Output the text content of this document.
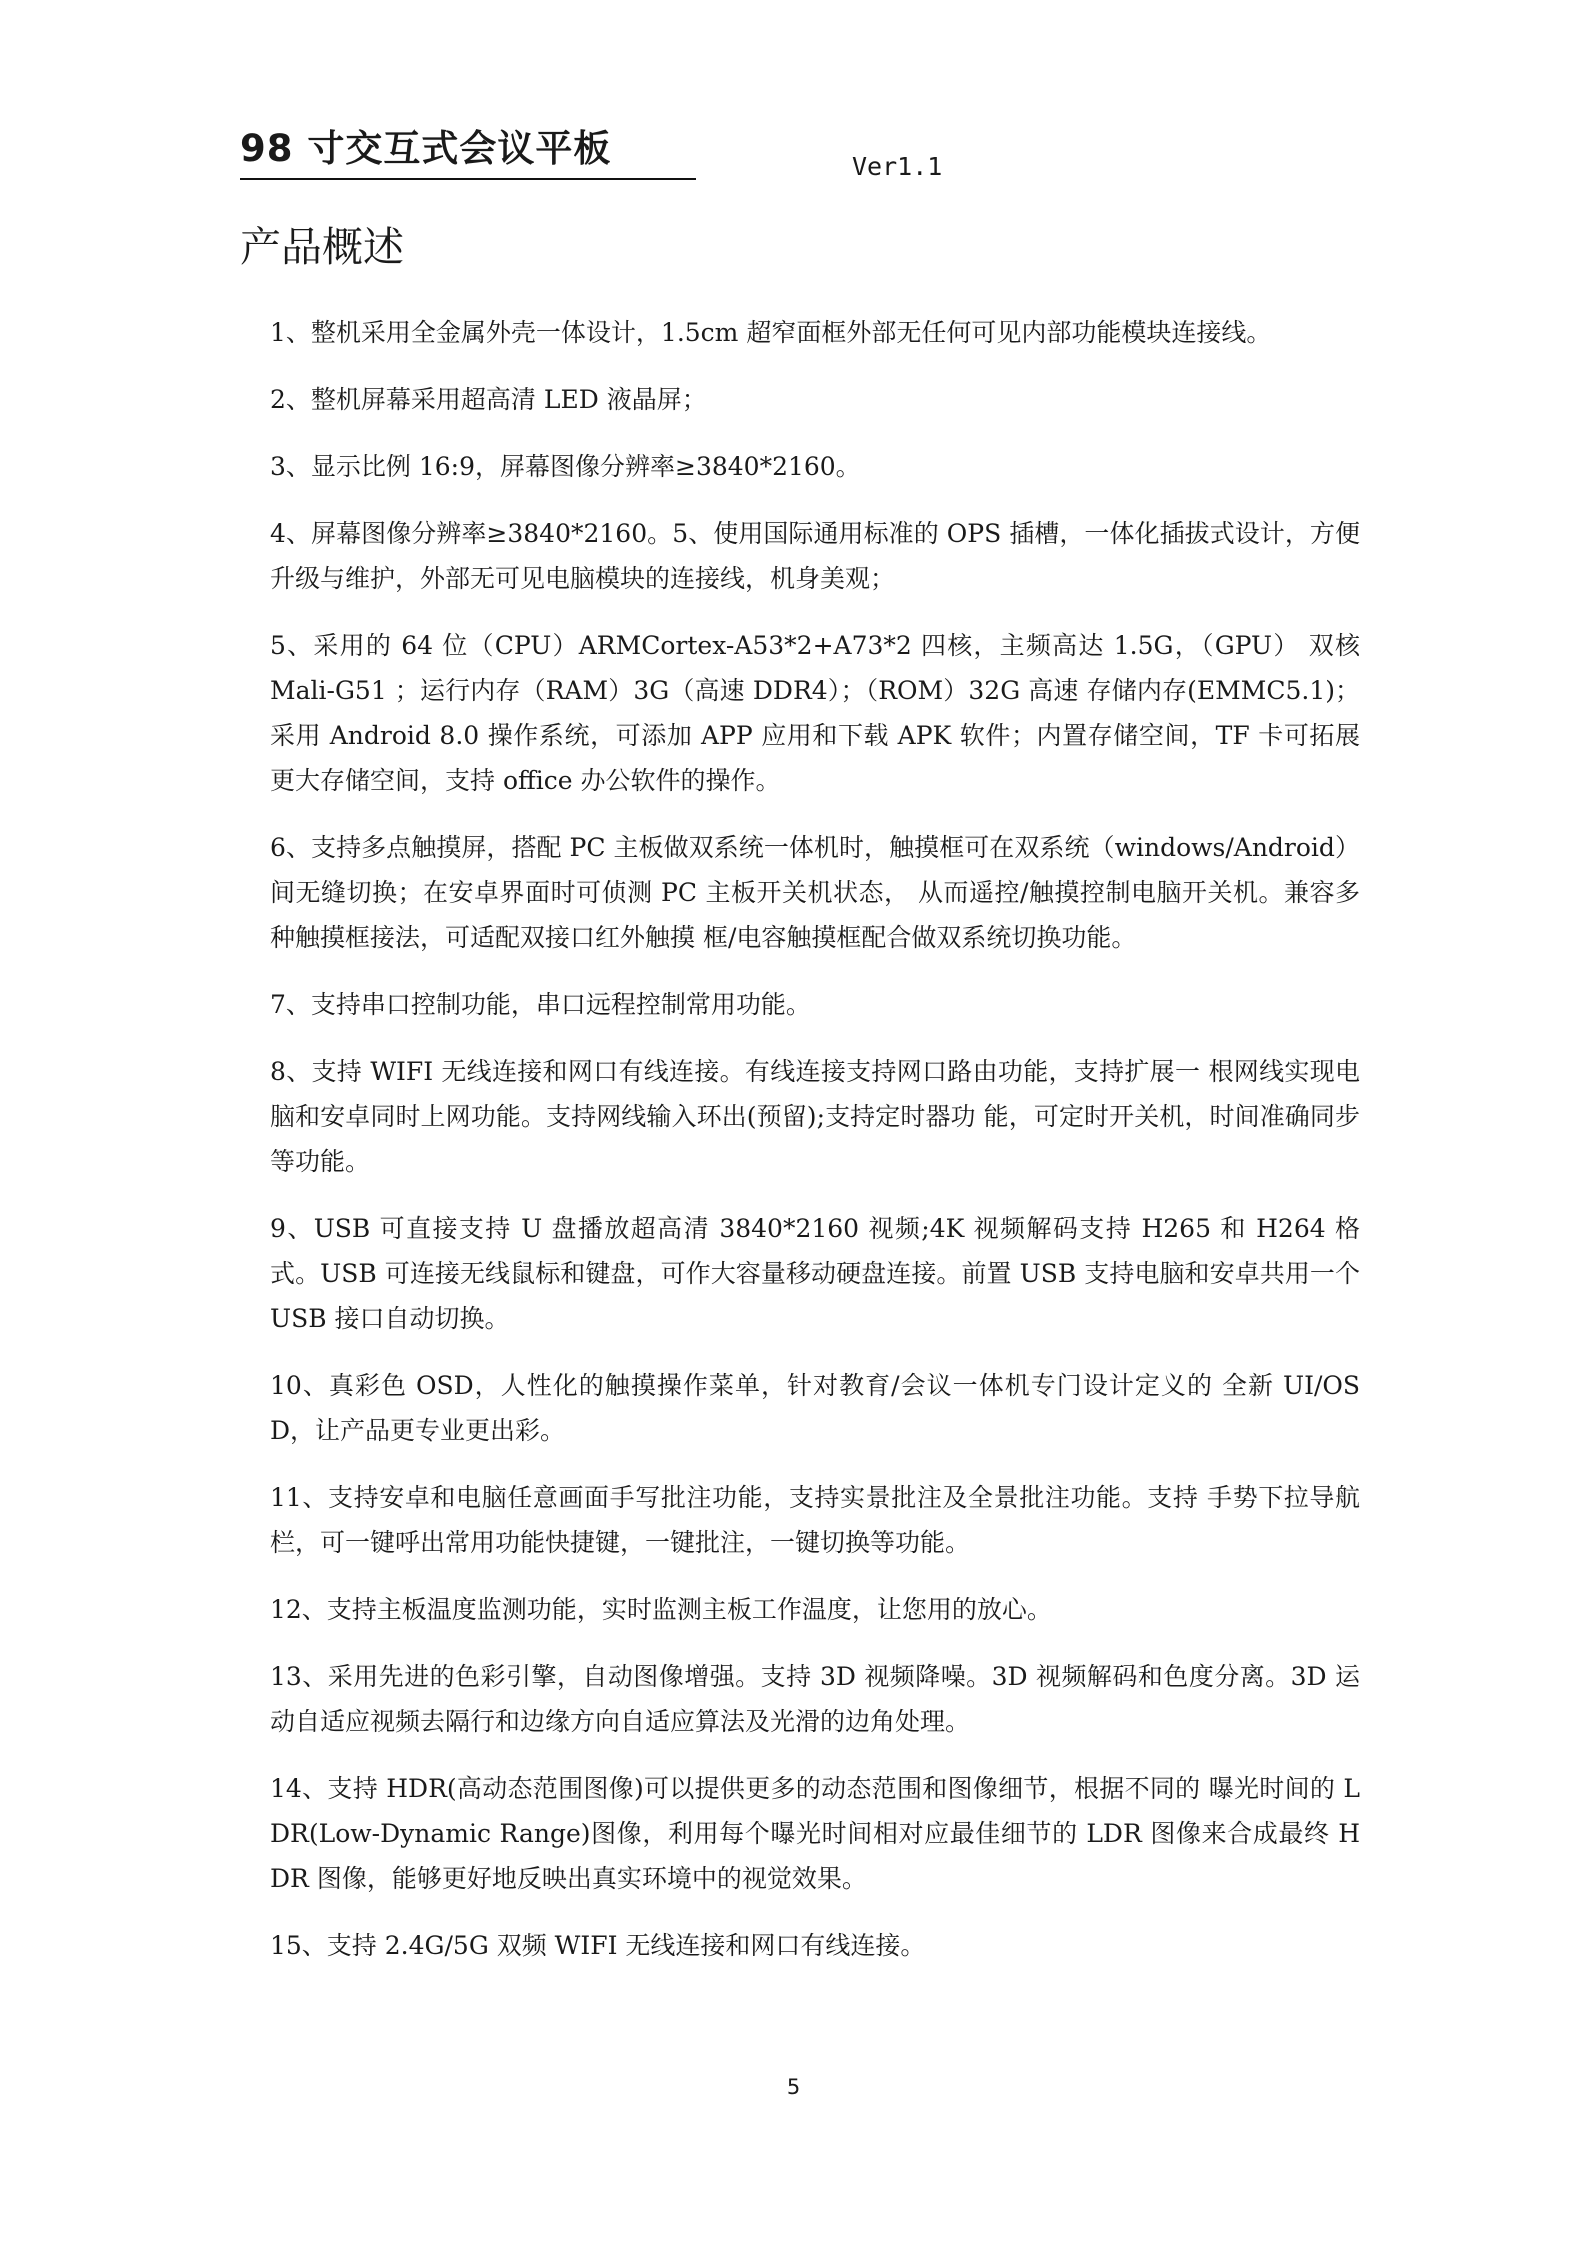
98 寸交互式会议平板	Ver1.1
产品概述

1、整机采用全金属外壳一体设计，1.5cm 超窄面框外部无任何可见内部功能模块连接线。

2、整机屏幕采用超高清 LED 液晶屏；

3、显示比例 16:9，屏幕图像分辨率≥3840*2160。

4、屏幕图像分辨率≥3840*2160。5、使用国际通用标准的 OPS 插槽，一体化插拔式设计，方便升级与维护，外部无可见电脑模块的连接线，机身美观；

5、采用的 64 位（CPU）ARMCortex-A53*2+A73*2 四核，主频高达 1.5G，（GPU） 双核 Mali-G51 ；运行内存（RAM）3G（高速 DDR4）；（ROM）32G 高速 存储内存(EMMC5.1)；采用 Android 8.0 操作系统，可添加 APP 应用和下载 APK 软件；内置存储空间，TF 卡可拓展更大存储空间，支持 office 办公软件的操作。

6、支持多点触摸屏，搭配 PC 主板做双系统一体机时，触摸框可在双系统（windows/Android）间无缝切换；在安卓界面时可侦测 PC 主板开关机状态， 从而遥控/触摸控制电脑开关机。兼容多种触摸框接法，可适配双接口红外触摸 框/电容触摸框配合做双系统切换功能。

7、支持串口控制功能，串口远程控制常用功能。

8、支持 WIFI 无线连接和网口有线连接。有线连接支持网口路由功能，支持扩展一 根网线实现电脑和安卓同时上网功能。支持网线输入环出(预留);支持定时器功 能，可定时开关机，时间准确同步等功能。

9、USB 可直接支持 U 盘播放超高清 3840*2160 视频;4K 视频解码支持 H265 和 H264 格式。USB 可连接无线鼠标和键盘，可作大容量移动硬盘连接。前置 USB 支持电脑和安卓共用一个 USB 接口自动切换。

10、真彩色 OSD，人性化的触摸操作菜单，针对教育/会议一体机专门设计定义的 全新 UI/OSD，让产品更专业更出彩。

11、支持安卓和电脑任意画面手写批注功能，支持实景批注及全景批注功能。支持 手势下拉导航栏，可一键呼出常用功能快捷键，一键批注，一键切换等功能。

12、支持主板温度监测功能，实时监测主板工作温度，让您用的放心。

13、采用先进的色彩引擎，自动图像增强。支持 3D 视频降噪。3D 视频解码和色度分离。3D 运动自适应视频去隔行和边缘方向自适应算法及光滑的边角处理。

14、支持 HDR(高动态范围图像)可以提供更多的动态范围和图像细节，根据不同的 曝光时间的 LDR(Low-Dynamic Range)图像，利用每个曝光时间相对应最佳细节的 LDR 图像来合成最终 HDR 图像，能够更好地反映出真实环境中的视觉效果。

15、支持 2.4G/5G 双频 WIFI 无线连接和网口有线连接。

5
